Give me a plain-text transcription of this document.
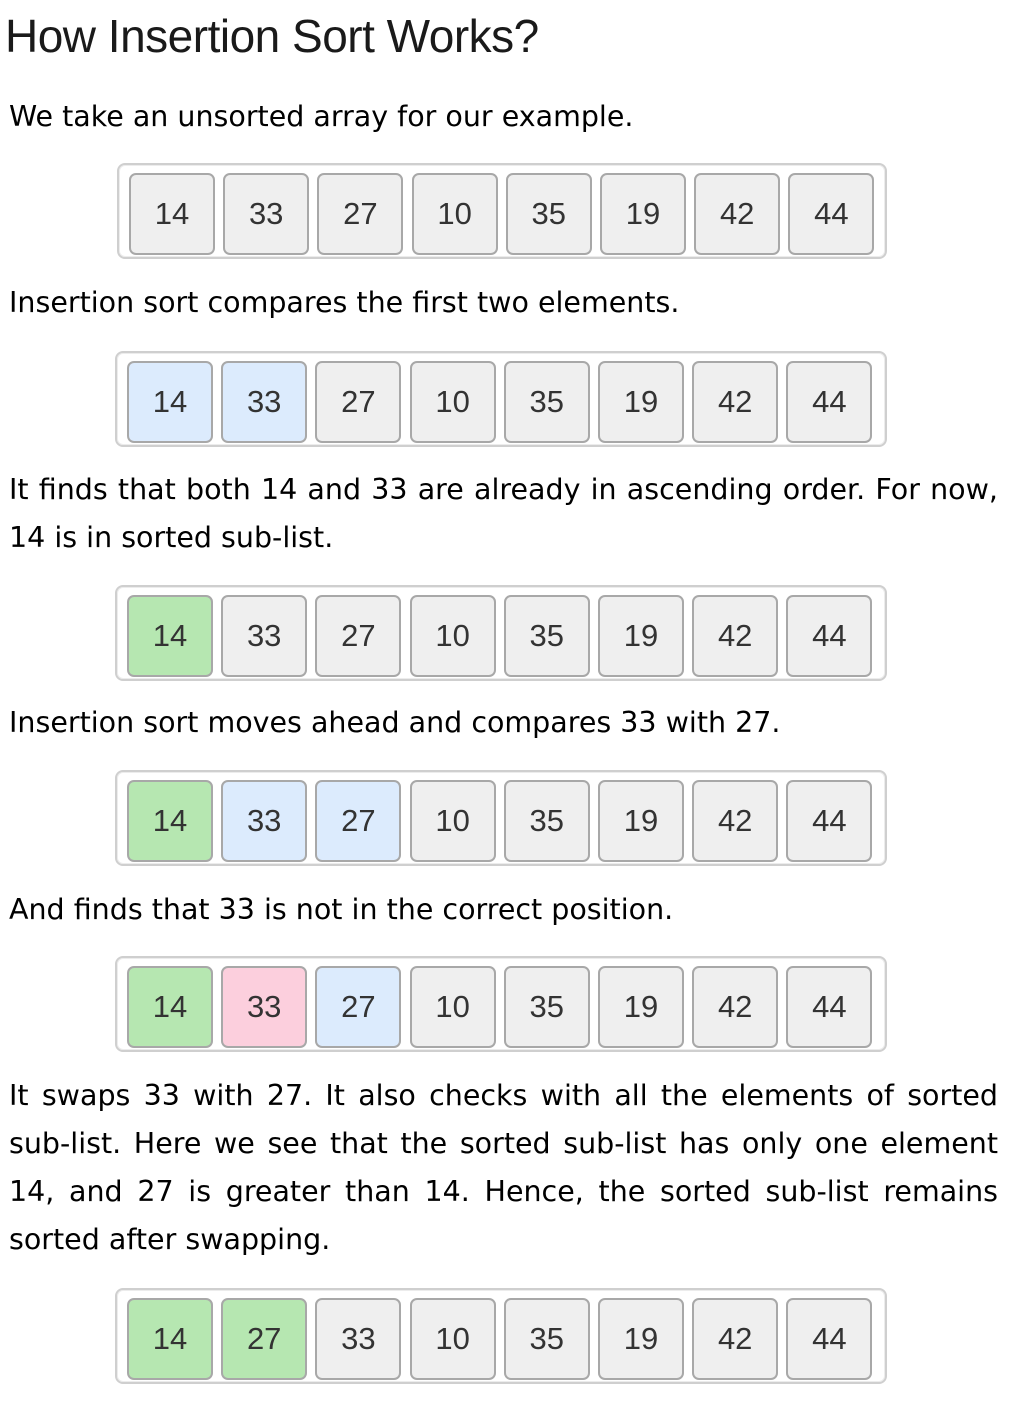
How Insertion Sort Works?

We take an unsorted array for our example.

14	33	27	10	35	19	42	44

Insertion sort compares the first two elements.

14	33	27	10	35	19	42	44

It finds that both 14 and 33 are already in ascending order. For now, 14 is in sorted sub-list.

14	33	27	10	35	19	42	44

Insertion sort moves ahead and compares 33 with 27.

14	33	27	10	35	19	42	44

And finds that 33 is not in the correct position.

14	33	27	10	35	19	42	44

It swaps 33 with 27. It also checks with all the elements of sorted sub-list. Here we see that the sorted sub-list has only one element 14, and 27 is greater than 14. Hence, the sorted sub-list remains sorted after swapping.

14	27	33	10	35	19	42	44
